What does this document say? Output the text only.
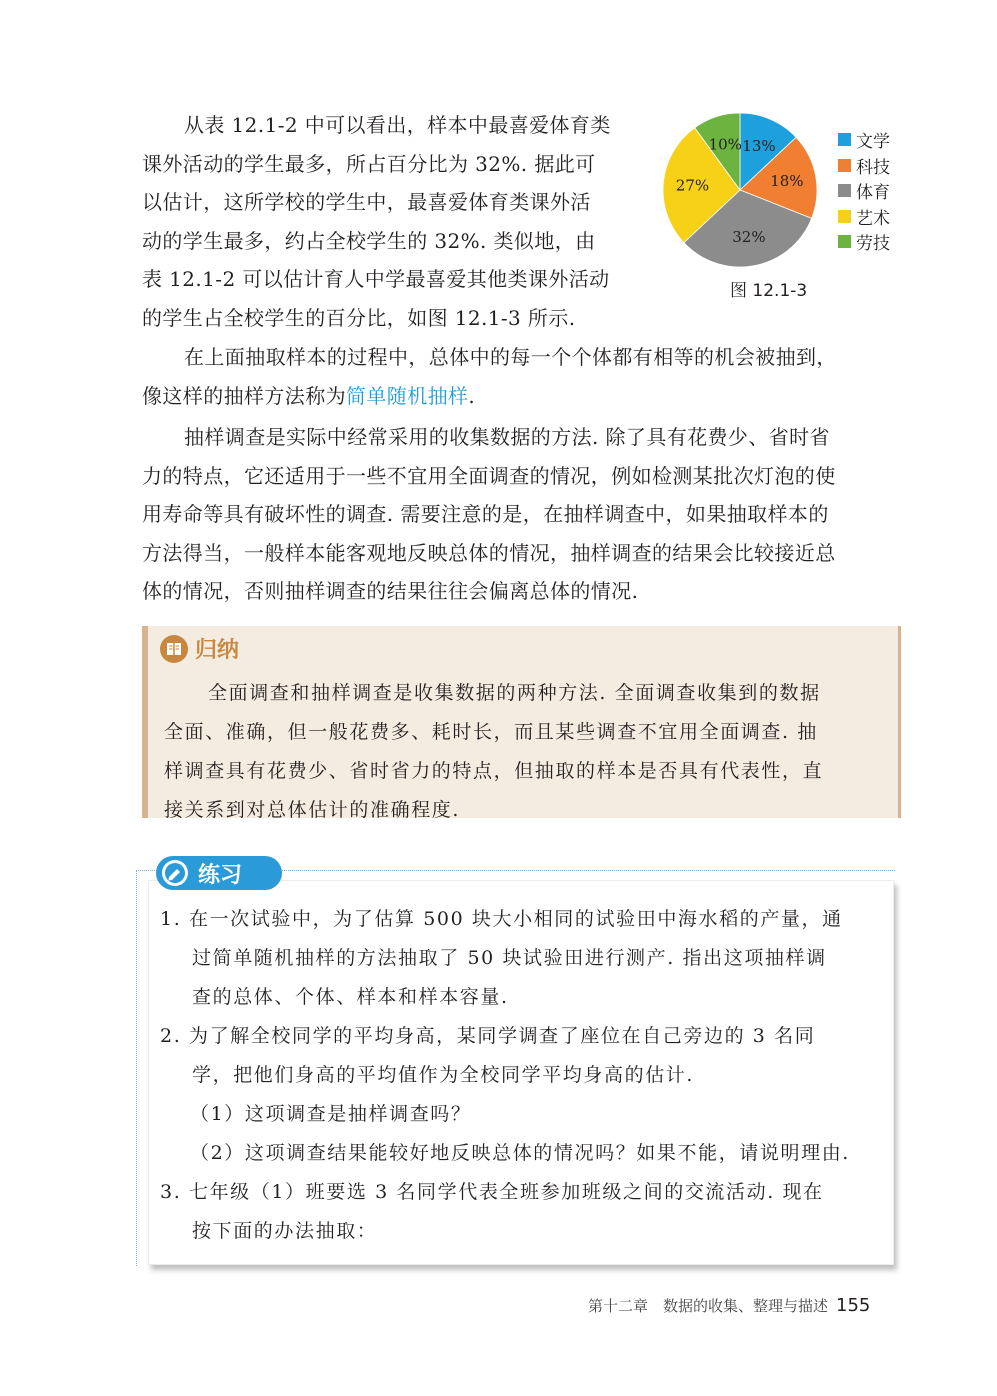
从表 12.1-2 中可以看出，样本中最喜爱体育类
课外活动的学生最多，所占百分比为 32%. 据此可
以估计，这所学校的学生中，最喜爱体育类课外活
动的学生最多，约占全校学生的 32%. 类似地，由
表 12.1-2 可以估计育人中学最喜爱其他类课外活动
的学生占全校学生的百分比，如图 12.1-3 所示.
13%
18%
32%
27%
10%	文学
科技
体育
艺术
劳技
图 12.1-3
在上面抽取样本的过程中，总体中的每一个个体都有相等的机会被抽到，
像这样的抽样方法称为简单随机抽样.
抽样调查是实际中经常采用的收集数据的方法. 除了具有花费少、省时省
力的特点，它还适用于一些不宜用全面调查的情况，例如检测某批次灯泡的使
用寿命等具有破坏性的调查. 需要注意的是，在抽样调查中，如果抽取样本的
方法得当，一般样本能客观地反映总体的情况，抽样调查的结果会比较接近总
体的情况，否则抽样调查的结果往往会偏离总体的情况.
归纳
全面调查和抽样调查是收集数据的两种方法. 全面调查收集到的数据
全面、准确，但一般花费多、耗时长，而且某些调查不宜用全面调查. 抽
样调查具有花费少、省时省力的特点，但抽取的样本是否具有代表性，直
接关系到对总体估计的准确程度.
练习
1. 在一次试验中，为了估算 500 块大小相同的试验田中海水稻的产量，通
过简单随机抽样的方法抽取了 50 块试验田进行测产. 指出这项抽样调
查的总体、个体、样本和样本容量.
2. 为了解全校同学的平均身高，某同学调查了座位在自己旁边的 3 名同
学，把他们身高的平均值作为全校同学平均身高的估计.
（1）这项调查是抽样调查吗？
（2）这项调查结果能较好地反映总体的情况吗？如果不能，请说明理由.
3. 七年级（1）班要选 3 名同学代表全班参加班级之间的交流活动. 现在
按下面的办法抽取：
第十二章　数据的收集、整理与描述 155
